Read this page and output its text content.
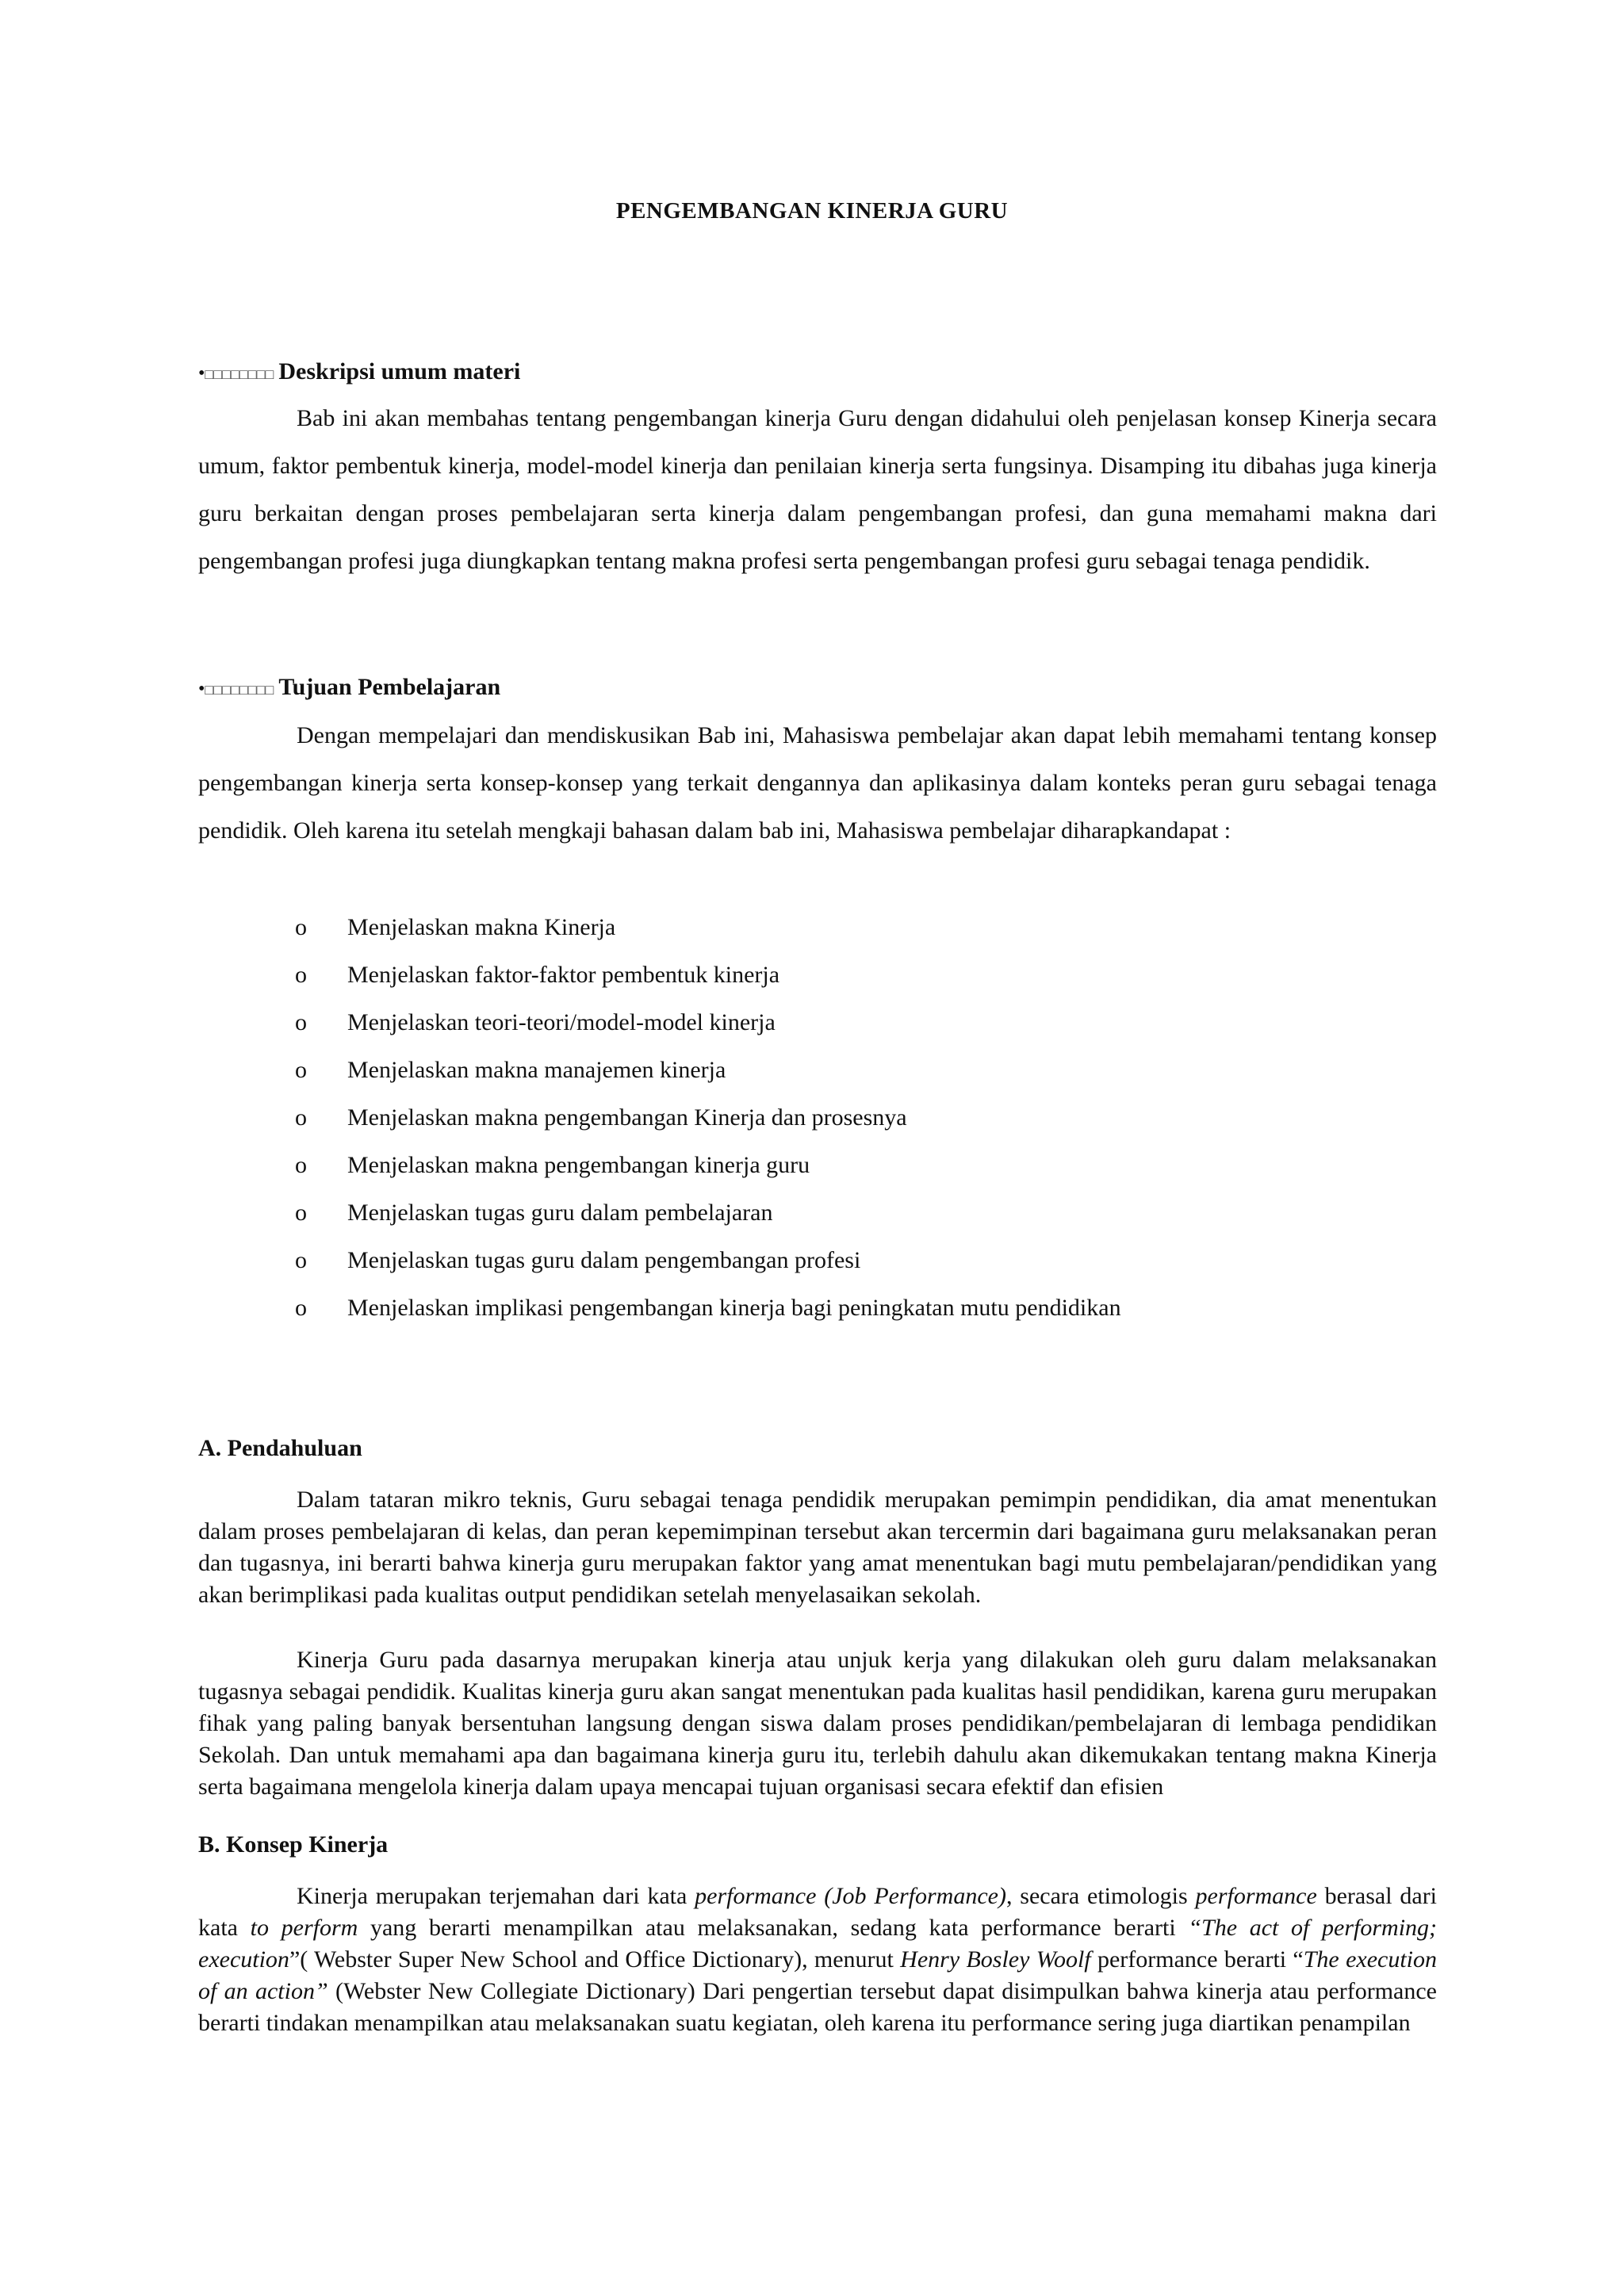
PENGEMBANGAN KINERJA GURU
•□□□□□□□□ Deskripsi umum materi
Bab ini akan membahas tentang pengembangan kinerja Guru dengan didahului oleh penjelasan konsep Kinerja secara umum, faktor pembentuk kinerja, model-model kinerja dan penilaian kinerja serta fungsinya. Disamping itu dibahas juga kinerja guru berkaitan dengan proses pembelajaran serta kinerja dalam pengembangan profesi, dan guna memahami makna dari pengembangan profesi juga diungkapkan tentang makna profesi serta pengembangan profesi guru sebagai tenaga pendidik.
•□□□□□□□□ Tujuan Pembelajaran
Dengan mempelajari dan mendiskusikan Bab ini, Mahasiswa pembelajar akan dapat lebih memahami tentang konsep pengembangan kinerja serta konsep-konsep yang terkait dengannya dan aplikasinya dalam konteks peran guru sebagai tenaga pendidik. Oleh karena itu setelah mengkaji bahasan dalam bab ini, Mahasiswa pembelajar diharapkandapat :
o Menjelaskan makna Kinerja
o Menjelaskan faktor-faktor pembentuk kinerja
o Menjelaskan teori-teori/model-model kinerja
o Menjelaskan makna manajemen kinerja
o Menjelaskan makna pengembangan Kinerja dan prosesnya
o Menjelaskan makna pengembangan kinerja guru
o Menjelaskan tugas guru dalam pembelajaran
o Menjelaskan tugas guru dalam pengembangan profesi
o Menjelaskan implikasi pengembangan kinerja bagi peningkatan mutu pendidikan
A. Pendahuluan
Dalam tataran mikro teknis, Guru sebagai tenaga pendidik merupakan pemimpin pendidikan, dia amat menentukan dalam proses pembelajaran di kelas, dan peran kepemimpinan tersebut akan tercermin dari bagaimana guru melaksanakan peran dan tugasnya, ini berarti bahwa kinerja guru merupakan faktor yang amat menentukan bagi mutu pembelajaran/pendidikan yang akan berimplikasi pada kualitas output pendidikan setelah menyelasaikan sekolah.
Kinerja Guru pada dasarnya merupakan kinerja atau unjuk kerja yang dilakukan oleh guru dalam melaksanakan tugasnya sebagai pendidik. Kualitas kinerja guru akan sangat menentukan pada kualitas hasil pendidikan, karena guru merupakan fihak yang paling banyak bersentuhan langsung dengan siswa dalam proses pendidikan/pembelajaran di lembaga pendidikan Sekolah. Dan untuk memahami apa dan bagaimana kinerja guru itu, terlebih dahulu akan dikemukakan tentang makna Kinerja serta bagaimana mengelola kinerja dalam upaya mencapai tujuan organisasi secara efektif dan efisien
B. Konsep Kinerja
Kinerja merupakan terjemahan dari kata performance (Job Performance), secara etimologis performance berasal dari kata to perform yang berarti menampilkan atau melaksanakan, sedang kata performance berarti “The act of performing; execution”( Webster Super New School and Office Dictionary), menurut Henry Bosley Woolf performance berarti “The execution of an action” (Webster New Collegiate Dictionary) Dari pengertian tersebut dapat disimpulkan bahwa kinerja atau performance berarti tindakan menampilkan atau melaksanakan suatu kegiatan, oleh karena itu performance sering juga diartikan penampilan
